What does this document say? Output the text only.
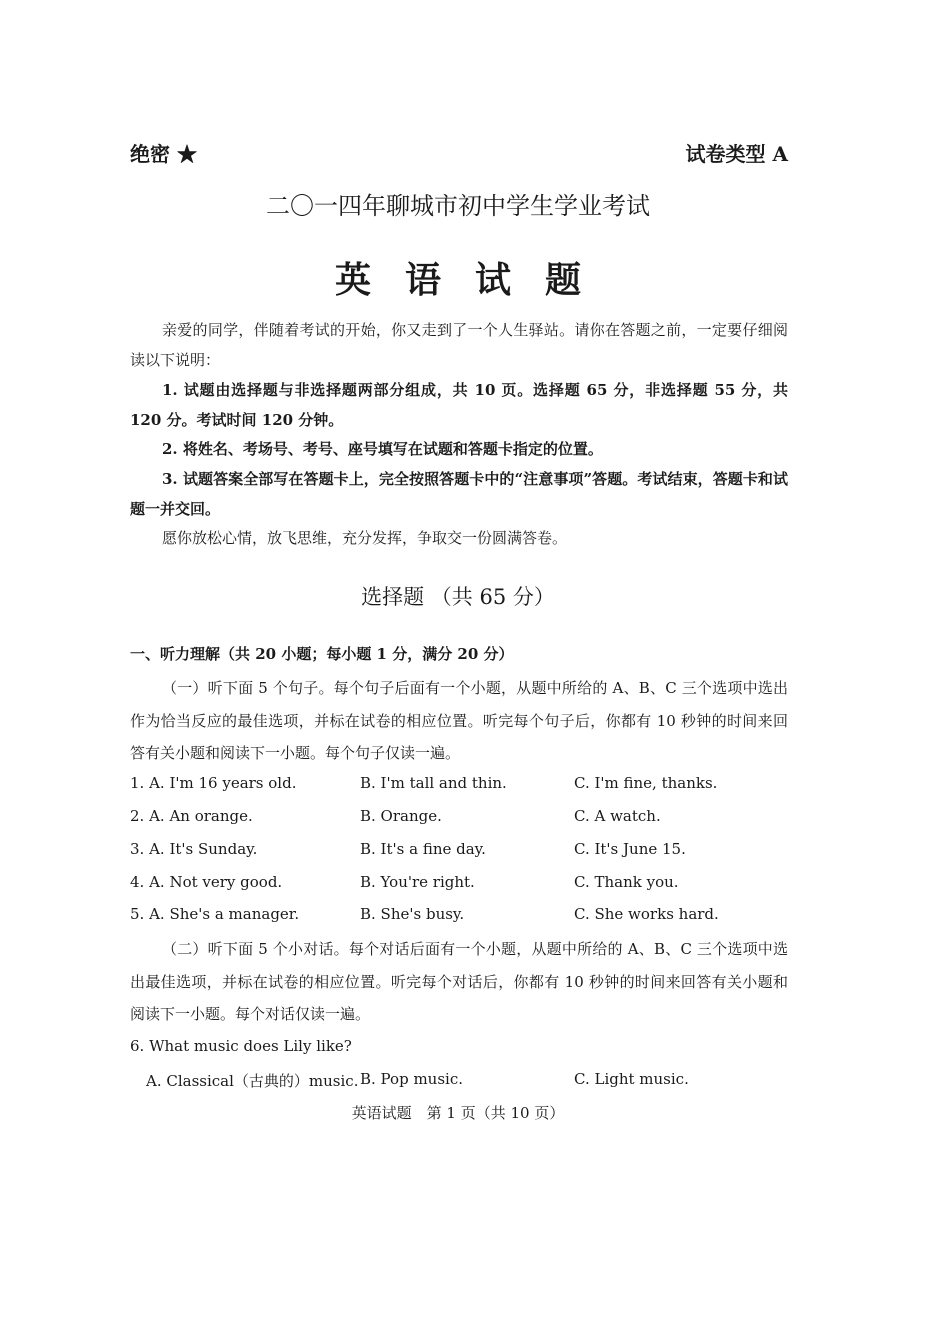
绝密 ★	试卷类型 A
二〇一四年聊城市初中学生学业考试
英语试题
亲爱的同学，伴随着考试的开始，你又走到了一个人生驿站。请你在答题之前，一定要仔细阅读以下说明：
1. 试题由选择题与非选择题两部分组成，共 10 页。选择题 65 分，非选择题 55 分，共 120 分。考试时间 120 分钟。
2. 将姓名、考场号、考号、座号填写在试题和答题卡指定的位置。
3. 试题答案全部写在答题卡上，完全按照答题卡中的“注意事项”答题。考试结束，答题卡和试题一并交回。
愿你放松心情，放飞思维，充分发挥，争取交一份圆满答卷。
选择题 （共 65 分）
一、听力理解（共 20 小题；每小题 1 分，满分 20 分）
（一）听下面 5 个句子。每个句子后面有一个小题，从题中所给的 A、B、C 三个选项中选出作为恰当反应的最佳选项，并标在试卷的相应位置。听完每个句子后，你都有 10 秒钟的时间来回答有关小题和阅读下一小题。每个句子仅读一遍。
1. A. I'm 16 years old.	B. I'm tall and thin.	C. I'm fine, thanks.
2. A. An orange.	B. Orange.	C. A watch.
3. A. It's Sunday.	B. It's a fine day.	C. It's June 15.
4. A. Not very good.	B. You're right.	C. Thank you.
5. A. She's a manager.	B. She's busy.	C. She works hard.
（二）听下面 5 个小对话。每个对话后面有一个小题，从题中所给的 A、B、C 三个选项中选出最佳选项，并标在试卷的相应位置。听完每个对话后，你都有 10 秒钟的时间来回答有关小题和阅读下一小题。每个对话仅读一遍。
6. What music does Lily like?
A. Classical（古典的）music. B. Pop music.	C. Light music.
英语试题　第 1 页（共 10 页）
